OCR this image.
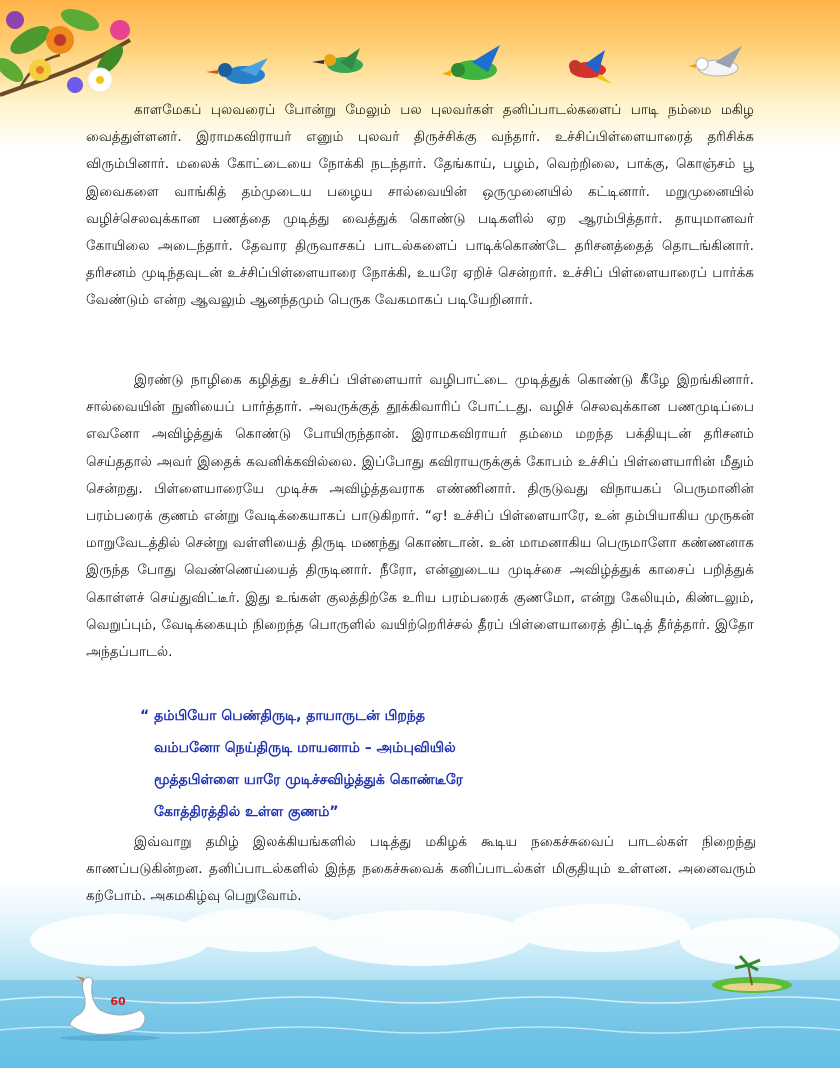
காளமேகப் புலவரைப் போன்று மேலும் பல புலவர்கள் தனிப்பாடல்களைப் பாடி நம்மை மகிழ வைத்துள்ளனர். இராமகவிராயர் எனும் புலவர் திருச்சிக்கு வந்தார். உச்சிப்பிள்ளையாரைத் தரிசிக்க விரும்பினார். மலைக் கோட்டையை நோக்கி நடந்தார். தேங்காய், பழம், வெற்றிலை, பாக்கு, கொஞ்சம் பூ இவைகளை வாங்கித் தம்முடைய பழைய சால்வையின் ஒருமுனையில் கட்டினார். மறுமுனையில் வழிச்செலவுக்கான பணத்தை முடித்து வைத்துக் கொண்டு படிகளில் ஏற ஆரம்பித்தார். தாயுமானவர் கோயிலை அடைந்தார். தேவார திருவாசகப் பாடல்களைப் பாடிக்கொண்டே தரிசனத்தைத் தொடங்கினார். தரிசனம் முடிந்தவுடன் உச்சிப்பிள்ளையாரை நோக்கி, உயரே ஏறிச் சென்றார். உச்சிப் பிள்ளையாரைப் பார்க்க வேண்டும் என்ற ஆவலும் ஆனந்தமும் பெருக வேகமாகப் படியேறினார்.

இரண்டு நாழிகை கழித்து உச்சிப் பிள்ளையார் வழிபாட்டை முடித்துக் கொண்டு கீழே இறங்கினார். சால்வையின் நுனியைப் பார்த்தார். அவருக்குத் தூக்கிவாரிப் போட்டது. வழிச் செலவுக்கான பணமுடிப்பை எவனோ அவிழ்த்துக் கொண்டு போயிருந்தான். இராமகவிராயர் தம்மை மறந்த பக்தியுடன் தரிசனம் செய்ததால் அவர் இதைக் கவனிக்கவில்லை. இப்போது கவிராயருக்குக் கோபம் உச்சிப் பிள்ளையாரின் மீதும் சென்றது. பிள்ளையாரையே முடிச்சு அவிழ்த்தவராக எண்ணினார். திருடுவது விநாயகப் பெருமானின் பரம்பரைக் குணம் என்று வேடிக்கையாகப் பாடுகிறார். “ஏ! உச்சிப் பிள்ளையாரே, உன் தம்பியாகிய முருகன் மாறுவேடத்தில் சென்று வள்ளியைத் திருடி மணந்து கொண்டான். உன் மாமனாகிய பெருமாளோ கண்ணனாக இருந்த போது வெண்ணெய்யைத் திருடினார். நீரோ, என்னுடைய முடிச்சை அவிழ்த்துக் காசைப் பறித்துக் கொள்ளச் செய்துவிட்டீர். இது உங்கள் குலத்திற்கே உரிய பரம்பரைக் குணமோ, என்று கேலியும், கிண்டலும், வெறுப்பும், வேடிக்கையும் நிறைந்த பொருளில் வயிற்றெரிச்சல் தீரப் பிள்ளையாரைத் திட்டித் தீர்த்தார். இதோ அந்தப்பாடல்.

“ தம்பியோ பெண்திருடி, தாயாருடன் பிறந்த
வம்பனோ நெய்திருடி மாயனாம் – அம்புவியில்
மூத்தபிள்ளை யாரே முடிச்சவிழ்த்துக் கொண்டீரே
கோத்திரத்தில் உள்ள குணம்”

இவ்வாறு தமிழ் இலக்கியங்களில் படித்து மகிழக் கூடிய நகைச்சுவைப் பாடல்கள் நிறைந்து காணப்படுகின்றன. தனிப்பாடல்களில் இந்த நகைச்சுவைக் கனிப்பாடல்கள் மிகுதியும் உள்ளன. அனைவரும் கற்போம். அகமகிழ்வு பெறுவோம்.

60
